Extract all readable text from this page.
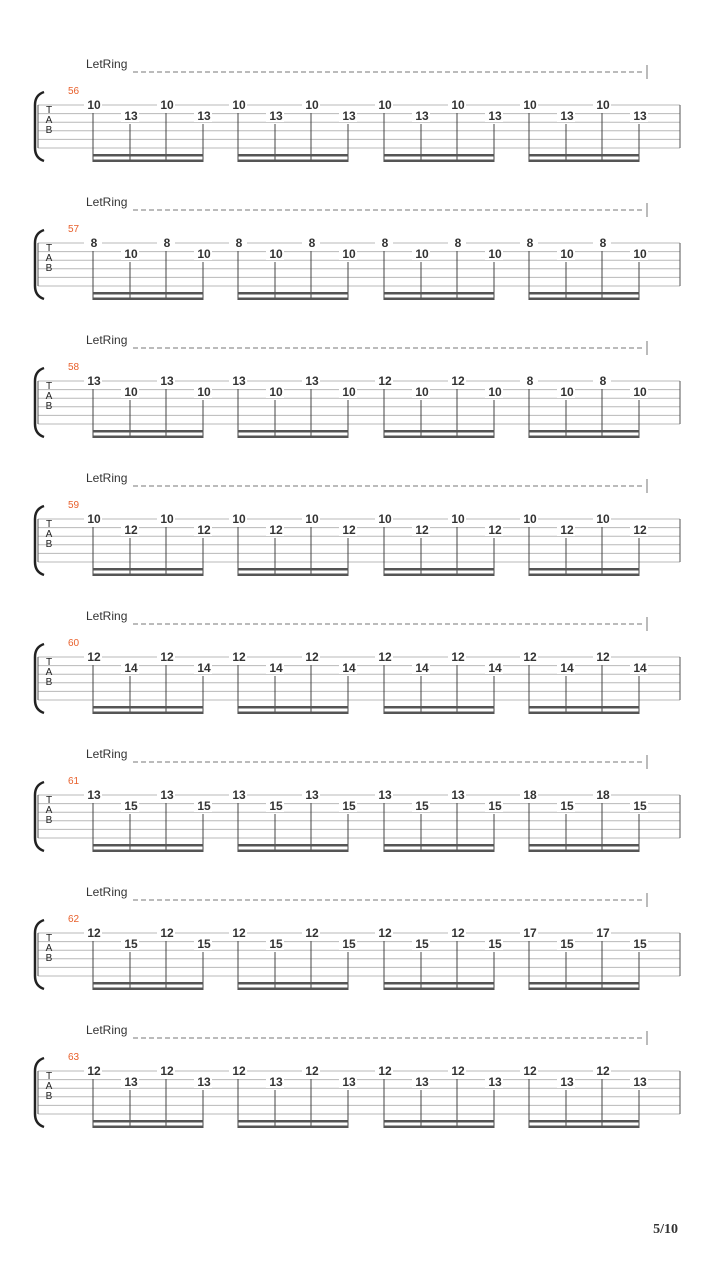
LetRing
56
T
A
B
10
13
10
13
10
13
10
13
10
13
10
13
10
13
10
13
LetRing
57
T
A
B
8
10
8
10
8
10
8
10
8
10
8
10
8
10
8
10
LetRing
58
T
A
B
13
10
13
10
13
10
13
10
12
10
12
10
8
10
8
10
LetRing
59
T
A
B
10
12
10
12
10
12
10
12
10
12
10
12
10
12
10
12
LetRing
60
T
A
B
12
14
12
14
12
14
12
14
12
14
12
14
12
14
12
14
LetRing
61
T
A
B
13
15
13
15
13
15
13
15
13
15
13
15
18
15
18
15
LetRing
62
T
A
B
12
15
12
15
12
15
12
15
12
15
12
15
17
15
17
15
LetRing
63
T
A
B
12
13
12
13
12
13
12
13
12
13
12
13
12
13
12
13
5/10
